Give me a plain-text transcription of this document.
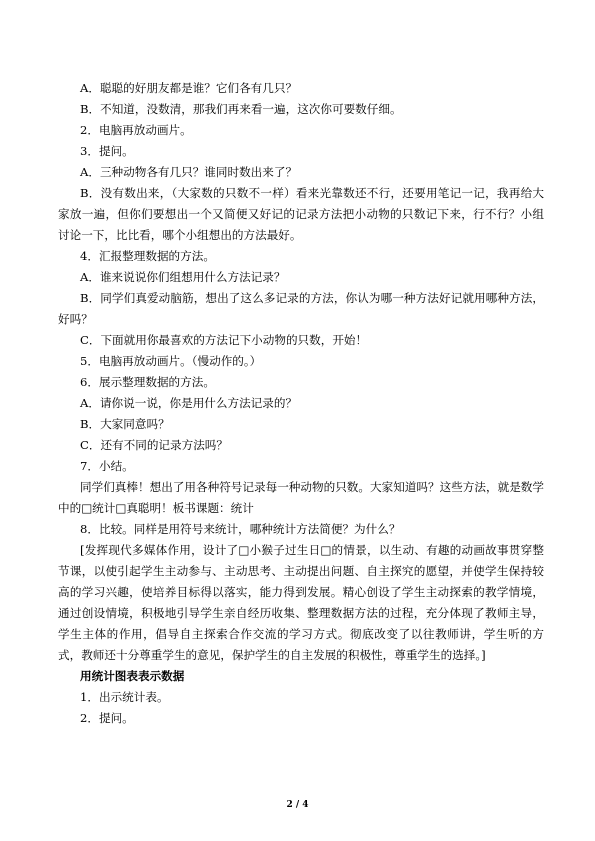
A．聪聪的好朋友都是谁？它们各有几只？

B．不知道，没数清，那我们再来看一遍，这次你可要数仔细。

2．电脑再放动画片。

3．提问。

A．三种动物各有几只？谁同时数出来了？

B．没有数出来，（大家数的只数不一样）看来光靠数还不行，还要用笔记一记，我再给大家放一遍，但你们要想出一个又简便又好记的记录方法把小动物的只数记下来，行不行？小组讨论一下，比比看，哪个小组想出的方法最好。

4．汇报整理数据的方法。

A．谁来说说你们组想用什么方法记录？

B．同学们真爱动脑筋，想出了这么多记录的方法，你认为哪一种方法好记就用哪种方法，好吗？

C．下面就用你最喜欢的方法记下小动物的只数，开始！

5．电脑再放动画片。（慢动作的。）

6．展示整理数据的方法。

A．请你说一说，你是用什么方法记录的？

B．大家同意吗？

C．还有不同的记录方法吗？

7．小结。

同学们真棒！想出了用各种符号记录每一种动物的只数。大家知道吗？这些方法，就是数学中的□统计□真聪明！板书课题：统计

8．比较。同样是用符号来统计，哪种统计方法简便？为什么？

[发挥现代多媒体作用，设计了□小猴子过生日□的情景，以生动、有趣的动画故事贯穿整节课，以使引起学生主动参与、主动思考、主动提出问题、自主探究的愿望，并使学生保持较高的学习兴趣，使培养目标得以落实，能力得到发展。精心创设了学生主动探索的教学情境，通过创设情境，积极地引导学生亲自经历收集、整理数据方法的过程，充分体现了教师主导，学生主体的作用，倡导自主探索合作交流的学习方式。彻底改变了以往教师讲，学生听的方式，教师还十分尊重学生的意见，保护学生的自主发展的积极性，尊重学生的选择。]

用统计图表表示数据

1．出示统计表。

2．提问。

2 / 4
